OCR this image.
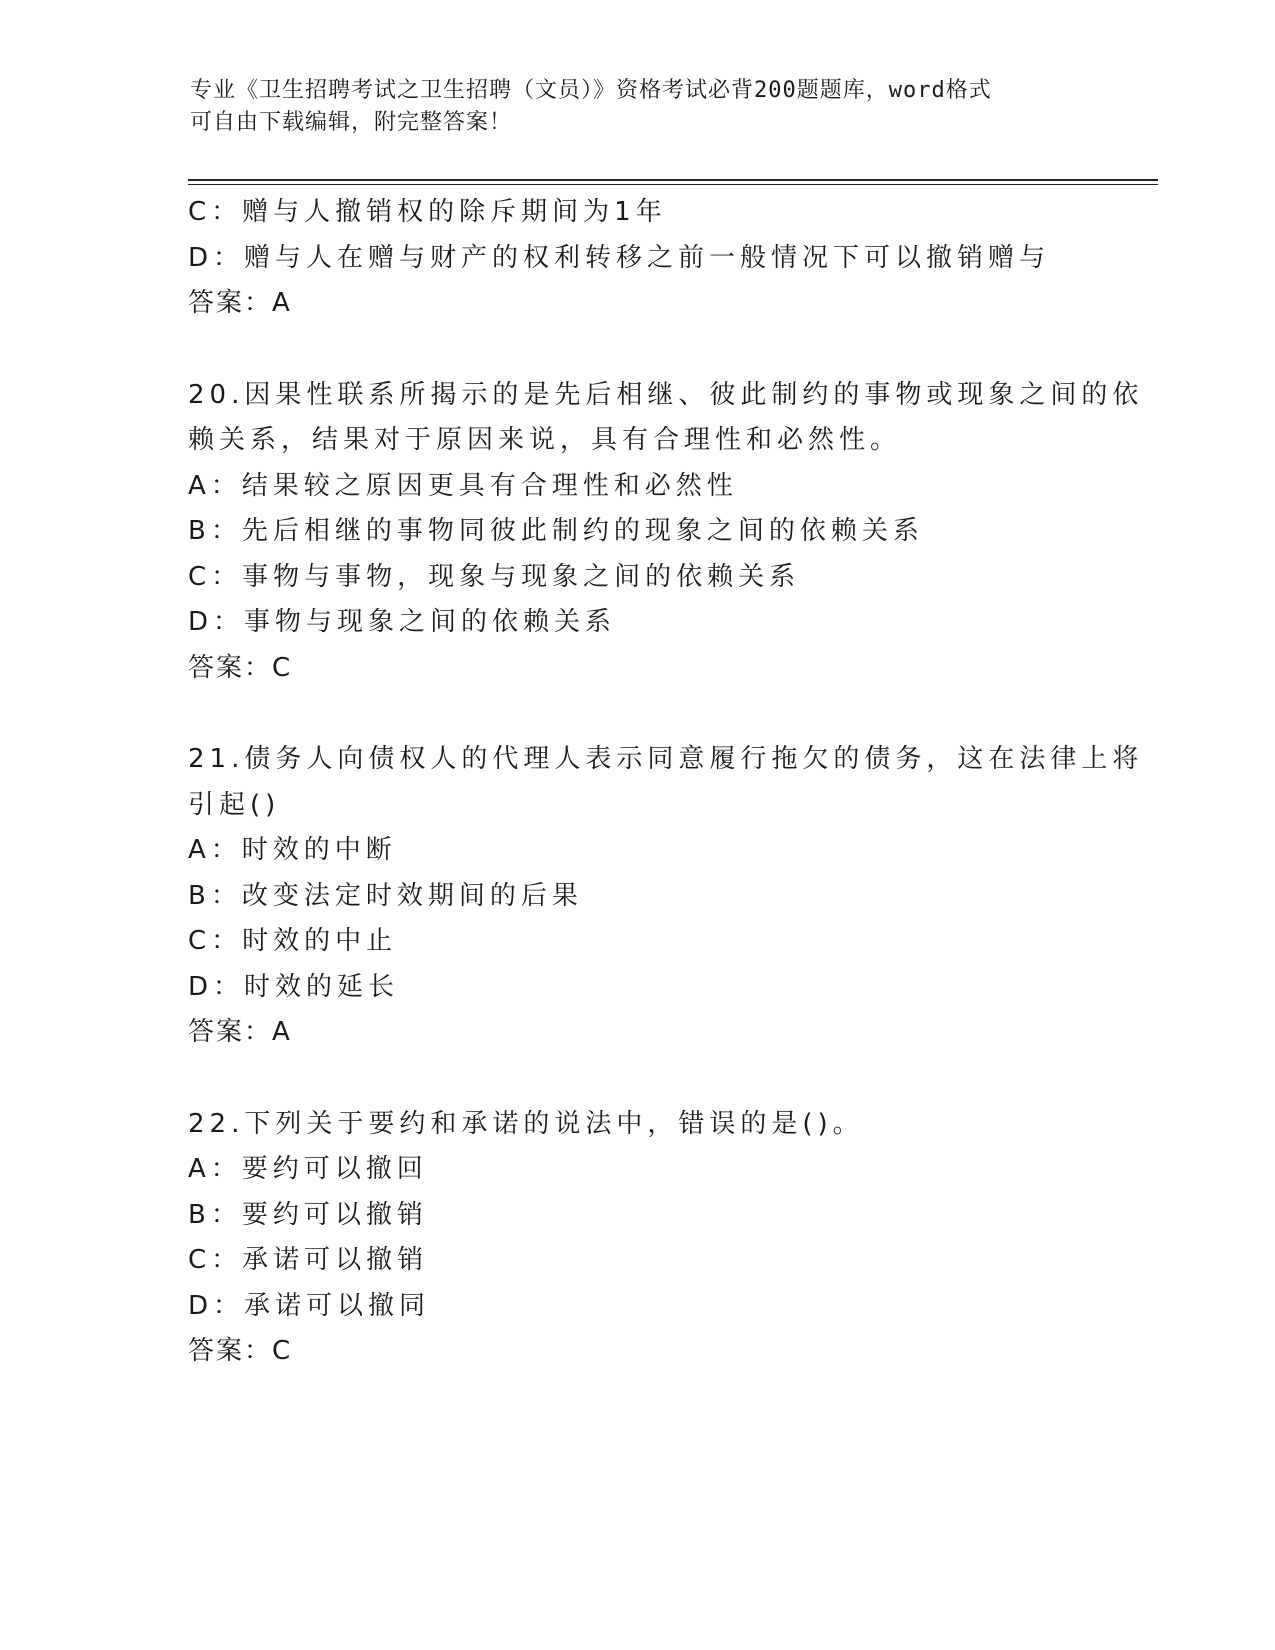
专业《卫生招聘考试之卫生招聘（文员）》资格考试必背200题题库，word格式
可自由下载编辑，附完整答案！
C：赠与人撤销权的除斥期间为1年
D：赠与人在赠与财产的权利转移之前一般情况下可以撤销赠与
答案：A
20.因果性联系所揭示的是先后相继、彼此制约的事物或现象之间的依
赖关系，结果对于原因来说，具有合理性和必然性。
A：结果较之原因更具有合理性和必然性
B：先后相继的事物同彼此制约的现象之间的依赖关系
C：事物与事物，现象与现象之间的依赖关系
D：事物与现象之间的依赖关系
答案：C
21.债务人向债权人的代理人表示同意履行拖欠的债务，这在法律上将
引起()
A：时效的中断
B：改变法定时效期间的后果
C：时效的中止
D：时效的延长
答案：A
22.下列关于要约和承诺的说法中，错误的是()。
A：要约可以撤回
B：要约可以撤销
C：承诺可以撤销
D：承诺可以撤同
答案：C
